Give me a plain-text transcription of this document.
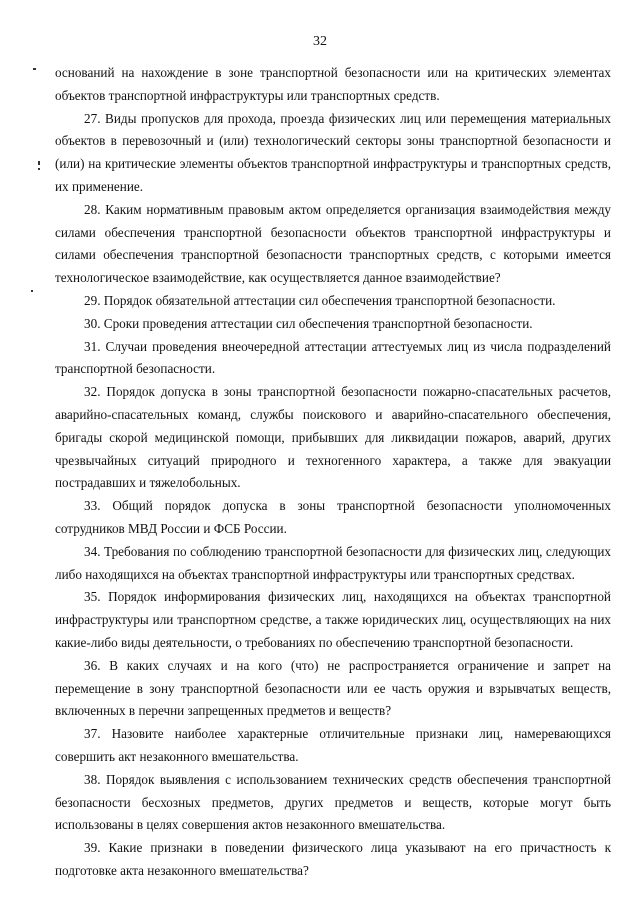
32

оснований на нахождение в зоне транспортной безопасности или на критических элементах объектов транспортной инфраструктуры или транспортных средств.

27. Виды пропусков для прохода, проезда физических лиц или перемещения материальных объектов в перевозочный и (или) технологический секторы зоны транспортной безопасности и (или) на критические элементы объектов транспортной инфраструктуры и транспортных средств, их применение.

28. Каким нормативным правовым актом определяется организация взаимодействия между силами обеспечения транспортной безопасности объектов транспортной инфраструктуры и силами обеспечения транспортной безопасности транспортных средств, с которыми имеется технологическое взаимодействие, как осуществляется данное взаимодействие?

29. Порядок обязательной аттестации сил обеспечения транспортной безопасности.

30. Сроки проведения аттестации сил обеспечения транспортной безопасности.

31. Случаи проведения внеочередной аттестации аттестуемых лиц из числа подразделений транспортной безопасности.

32. Порядок допуска в зоны транспортной безопасности пожарно-спасательных расчетов, аварийно-спасательных команд, службы поискового и аварийно-спасательного обеспечения, бригады скорой медицинской помощи, прибывших для ликвидации пожаров, аварий, других чрезвычайных ситуаций природного и техногенного характера, а также для эвакуации пострадавших и тяжелобольных.

33. Общий порядок допуска в зоны транспортной безопасности уполномоченных сотрудников МВД России и ФСБ России.

34. Требования по соблюдению транспортной безопасности для физических лиц, следующих либо находящихся на объектах транспортной инфраструктуры или транспортных средствах.

35. Порядок информирования физических лиц, находящихся на объектах транспортной инфраструктуры или транспортном средстве, а также юридических лиц, осуществляющих на них какие-либо виды деятельности, о требованиях по обеспечению транспортной безопасности.

36. В каких случаях и на кого (что) не распространяется ограничение и запрет на перемещение в зону транспортной безопасности или ее часть оружия и взрывчатых веществ, включенных в перечни запрещенных предметов и веществ?

37. Назовите наиболее характерные отличительные признаки лиц, намеревающихся совершить акт незаконного вмешательства.

38. Порядок выявления с использованием технических средств обеспечения транспортной безопасности бесхозных предметов, других предметов и веществ, которые могут быть использованы в целях совершения актов незаконного вмешательства.

39. Какие признаки в поведении физического лица указывают на его причастность к подготовке акта незаконного вмешательства?
